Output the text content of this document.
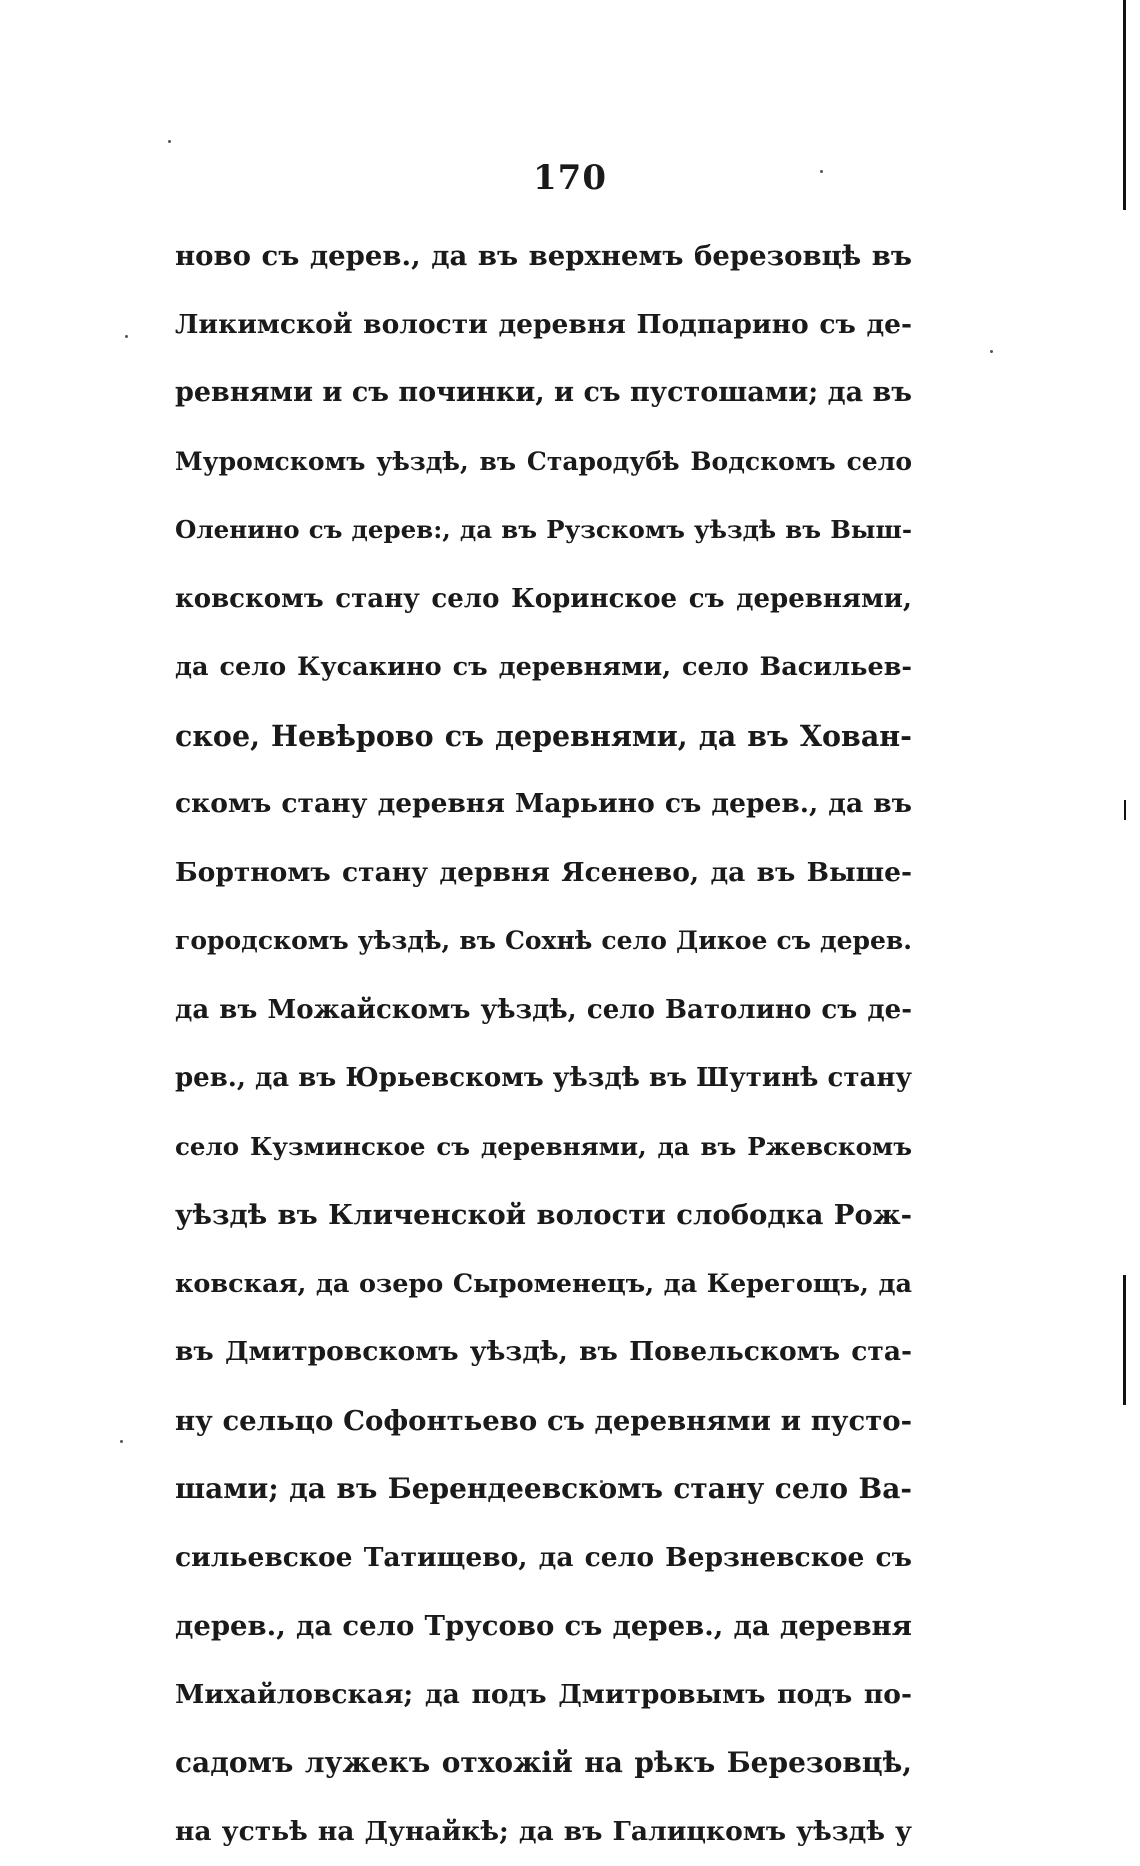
170
ново съ дерев., да въ верхнемъ березовцѣ въ
Ликимской волости деревня Подпарино съ де-
ревнями и съ починки, и съ пустошами; да въ
Муромскомъ уѣздѣ, въ Стародубѣ Водскомъ село
Оленино съ дерев:, да въ Рузскомъ уѣздѣ въ Выш-
ковскомъ стану село Коринское съ деревнями,
да село Кусакино съ деревнями, село Васильев-
ское, Невѣрово съ деревнями, да въ Хован-
скомъ стану деревня Марьино съ дерев., да въ
Бортномъ стану дервня Ясенево, да въ Выше-
городскомъ уѣздѣ, въ Сохнѣ село Дикое съ дерев.
да въ Можайскомъ уѣздѣ, село Ватолино съ де-
рев., да въ Юрьевскомъ уѣздѣ въ Шутинѣ стану
село Кузминское съ деревнями, да въ Ржевскомъ
уѣздѣ въ Кличенской волости слободка Рож-
ковская, да озеро Сыроменецъ, да Керегощъ, да
въ Дмитровскомъ уѣздѣ, въ Повельскомъ ста-
ну сельцо Софонтьево съ деревнями и пусто-
шами; да въ Берендеевскомъ стану село Ва-
сильевское Татищево, да село Верзневское съ
дерев., да село Трусово съ дерев., да деревня
Михайловская; да подъ Дмитровымъ подъ по-
садомъ лужекъ отхожій на рѣкъ Березовцѣ,
на устьѣ на Дунайкѣ; да въ Галицкомъ уѣздѣ у
